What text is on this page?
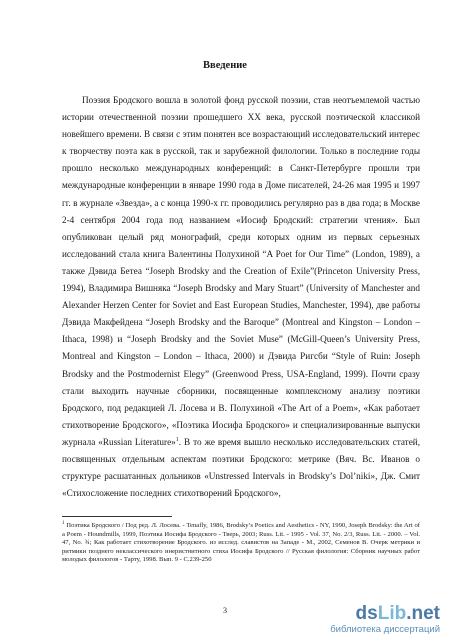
Введение

Поэзия Бродского вошла в золотой фонд русской поэзии, став неотъемлемой частью истории отечественной поэзии прошедшего XX века, русской поэтической классикой новейшего времени. В связи с этим понятен все возрастающий исследовательский интерес к творчеству поэта как в русской, так и зарубежной филологии. Только в последние годы прошло несколько международных конференций: в Санкт-Петербурге прошли три международные конференции в январе 1990 года в Доме писателей, 24-26 мая 1995 и 1997 гг. в журнале «Звезда», а с конца 1990-х гг. проводились регулярно раз в два года; в Москве 2-4 сентября 2004 года под названием «Иосиф Бродский: стратегии чтения». Был опубликован целый ряд монографий, среди которых одним из первых серьезных исследований стала книга Валентины Полухиной “A Poet for Our Time” (London, 1989), а также Дэвида Бетеа “Joseph Brodsky and the Creation of Exile”(Princeton University Press, 1994), Владимира Вишняка “Joseph Brodsky and Mary Stuart” (University of Manchester and Alexander Herzen Center for Soviet and East European Studies, Manchester, 1994), две работы Дэвида Макфейдена “Joseph Brodsky and the Baroque” (Montreal and Kingston – London – Ithaca, 1998) и “Joseph Brodsky and the Soviet Muse” (McGill-Queen’s University Press, Montreal and Kingston – London – Ithaca, 2000) и Дэвида Ригсби “Style of Ruin: Joseph Brodsky and the Postmodernist Elegy” (Greenwood Press, USA-England, 1999). Почти сразу стали выходить научные сборники, посвященные комплексному анализу поэтики Бродского, под редакцией Л. Лосева и В. Полухиной «The Art of a Poem», «Как работает стихотворение Бродского», «Поэтика Иосифа Бродского» и специализированные выпуски журнала «Russian Literature»$^1$. В то же время вышло несколько исследовательских статей, посвященных отдельным аспектам поэтики Бродского: метрике (Вяч. Вс. Иванов о структуре расшатанных дольников «Unstressed Intervals in Brodsky’s Dol’niki», Дж. Смит «Стихосложение последних стихотворений Бродского»,

$^1$ Поэтика Бродского / Под ред. Л. Лосева. - Tenafly, 1986, Brodsky’s Poetics and Aesthetics - NY, 1990, Joseph Brodsky: the Art of a Poem - Houndmills, 1999, Поэтика Иосифа Бродского - Тверь, 2003; Russ. Lit. - 1995 - Vol. 37, No. 2/3, Russ. Lit. - 2000. – Vol. 47, No. ¾; Как работает стихотворение Бродского. из исслед. славистов на Западе - М., 2002, Семенов В. Очерк метрики и ритмики позднего неклассического инеристнитного стиха Иосифа Бродского // Русская филология: Сборник научных работ молодых филологов - Тарту, 1998. Вып. 9 - С.239-250

3	dsLib.net
библиотека диссертаций
